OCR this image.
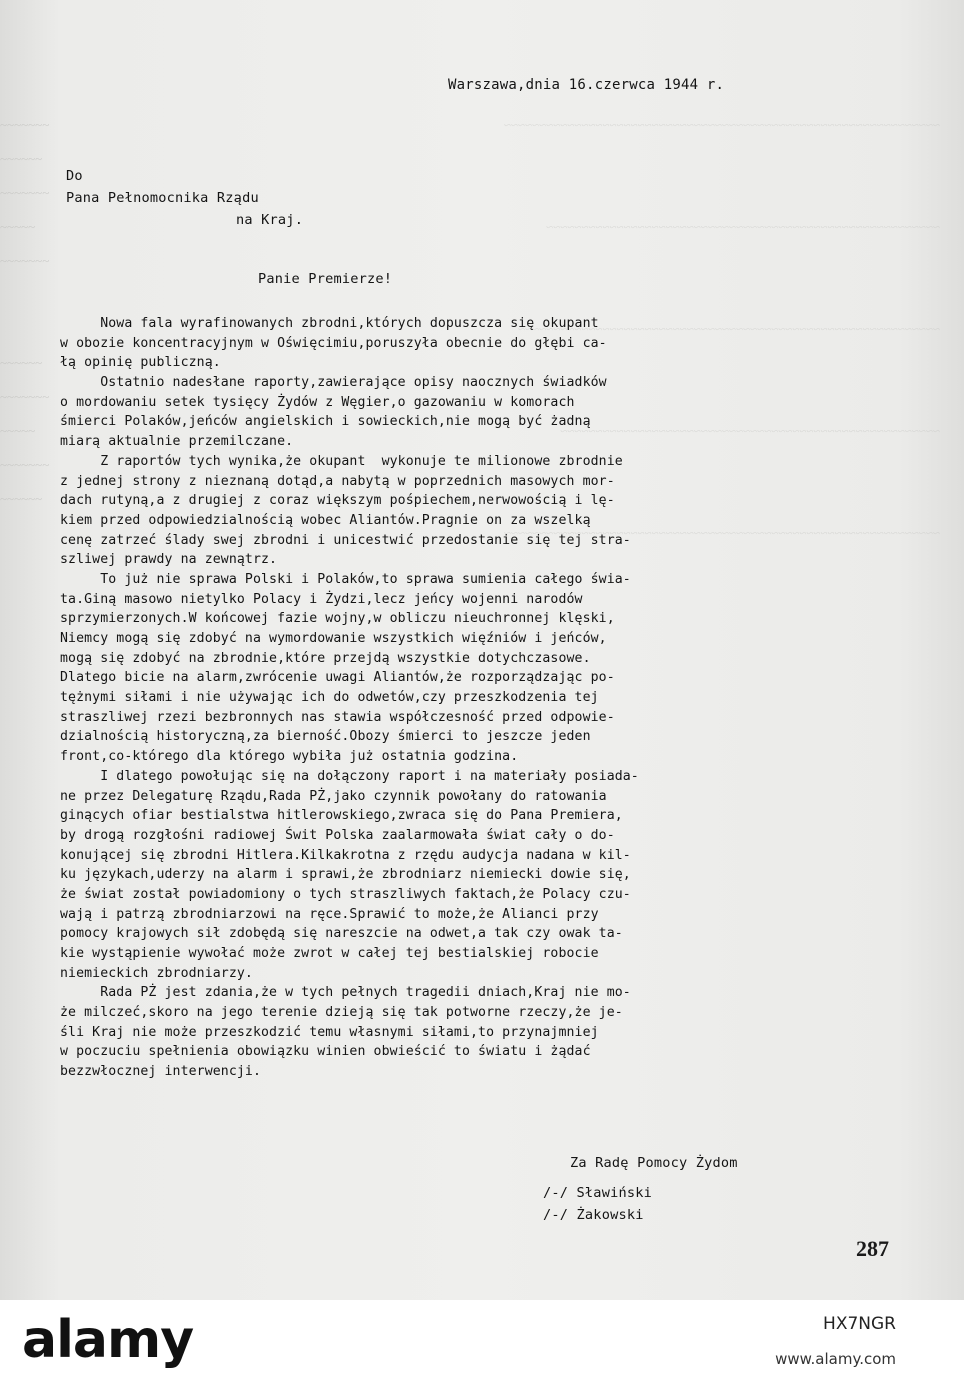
~~~~~~~
~~~~~~
~~~~~~~
~~~~~
~~~~~~~

~~~~~~
~~~~~~~
~~~~~
~~~~~~~
~~~~~~

~~~~~~~~~~~~~~~~~~~~~~~~~~~~~~~~~~~~~~~~~~~~~~~~~~~~~~~~~~~~~~

~~~~~~~~~~~~~~~~~~~~~~~~~~~~~~~~~~~~~~~~~~~~~~~~~~~~~~~~

~~~~~~~~~~~~~~~~~~~~~~~~~~~~~~~~~~~~~~~~~~~~~~~~~~~~~~~~~~~~

~~~~~~~~~~~~~~~~~~~~~~~~~~~~~~~~~~~~~~~~~~~~~~~~~~~~~~

~~~~~~~~~~~~~~~~~~~~~~~~~~~~~~~~~~~~~~~~~~~~~~~~~~~~~~~~~~~~~~

Warszawa,dnia 16.czerwca 1944 r.
Do
Pana Pełnomocnika Rządu
na Kraj.
Panie Premierze!
Nowa fala wyrafinowanych zbrodni,których dopuszcza się okupant
w obozie koncentracyjnym w Oświęcimiu,poruszyła obecnie do głębi ca-
łą opinię publiczną.
Ostatnio nadesłane raporty,zawierające opisy naocznych świadków
o mordowaniu setek tysięcy Żydów z Węgier,o gazowaniu w komorach
śmierci Polaków,jeńców angielskich i sowieckich,nie mogą być żadną
miarą aktualnie przemilczane.
Z raportów tych wynika,że okupant  wykonuje te milionowe zbrodnie
z jednej strony z nieznaną dotąd,a nabytą w poprzednich masowych mor-
dach rutyną,a z drugiej z coraz większym pośpiechem,nerwowością i lę-
kiem przed odpowiedzialnością wobec Aliantów.Pragnie on za wszelką
cenę zatrzeć ślady swej zbrodni i unicestwić przedostanie się tej stra-
szliwej prawdy na zewnątrz.
To już nie sprawa Polski i Polaków,to sprawa sumienia całego świa-
ta.Giną masowo nietylko Polacy i Żydzi,lecz jeńcy wojenni narodów
sprzymierzonych.W końcowej fazie wojny,w obliczu nieuchronnej klęski,
Niemcy mogą się zdobyć na wymordowanie wszystkich więźniów i jeńców,
mogą się zdobyć na zbrodnie,które przejdą wszystkie dotychczasowe.
Dlatego bicie na alarm,zwrócenie uwagi Aliantów,że rozporządzając po-
tężnymi siłami i nie używając ich do odwetów,czy przeszkodzenia tej
straszliwej rzezi bezbronnych nas stawia współczesność przed odpowie-
dzialnością historyczną,za bierność.Obozy śmierci to jeszcze jeden
front,co-którego dla którego wybiła już ostatnia godzina.
I dlatego powołując się na dołączony raport i na materiały posiada-
ne przez Delegaturę Rządu,Rada PŻ,jako czynnik powołany do ratowania
ginących ofiar bestialstwa hitlerowskiego,zwraca się do Pana Premiera,
by drogą rozgłośni radiowej Świt Polska zaalarmowała świat cały o do-
konującej się zbrodni Hitlera.Kilkakrotna z rzędu audycja nadana w kil-
ku językach,uderzy na alarm i sprawi,że zbrodniarz niemiecki dowie się,
że świat został powiadomiony o tych straszliwych faktach,że Polacy czu-
wają i patrzą zbrodniarzowi na ręce.Sprawić to może,że Alianci przy
pomocy krajowych sił zdobędą się nareszcie na odwet,a tak czy owak ta-
kie wystąpienie wywołać może zwrot w całej tej bestialskiej robocie
niemieckich zbrodniarzy.
Rada PŻ jest zdania,że w tych pełnych tragedii dniach,Kraj nie mo-
że milczeć,skoro na jego terenie dzieją się tak potworne rzeczy,że je-
śli Kraj nie może przeszkodzić temu własnymi siłami,to przynajmniej
w poczuciu spełnienia obowiązku winien obwieścić to światu i żądać
bezzwłocznej interwencji.
Za Radę Pomocy Żydom
/-/ Sławiński
/-/ Żakowski
287
alamy	HX7NGR
www.alamy.com
